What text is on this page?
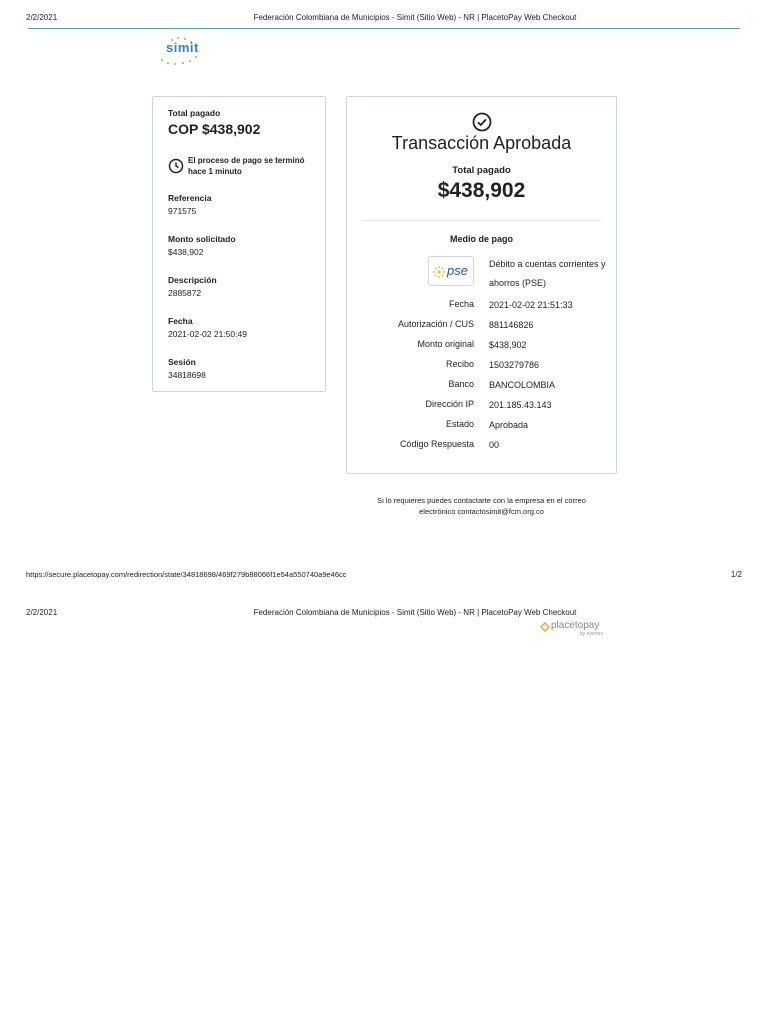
2/2/2021	Federación Colombiana de Municipios - Simit (Sitio Web) - NR | PlacetoPay Web Checkout
simit
Total pagado
COP $438,902
El proceso de pago se terminó hace 1 minuto
Referencia
971575
Monto solicitado
$438,902
Descripción
2885872
Fecha
2021-02-02 21:50:49
Sesión
34818698
Transacción Aprobada
Total pagado
$438,902
Medio de pago
pse Débito a cuentas corrientes y ahorros (PSE)
Fecha 2021-02-02 21:51:33
Autorización / CUS 881146826
Monto original $438,902
Recibo 1503279786
Banco BANCOLOMBIA
Dirección IP 201.185.43.143
Estado Aprobada
Código Respuesta 00
Si lo requieres puedes contactarte con la empresa en el correo
electrónico contactosimit@fcm.org.co
https://secure.placetopay.com/redirection/state/34818698/469f279b88066f1e54a550740a9e46cc	1/2
2/2/2021	Federación Colombiana de Municipios - Simit (Sitio Web) - NR | PlacetoPay Web Checkout
placetopay
by evertec
